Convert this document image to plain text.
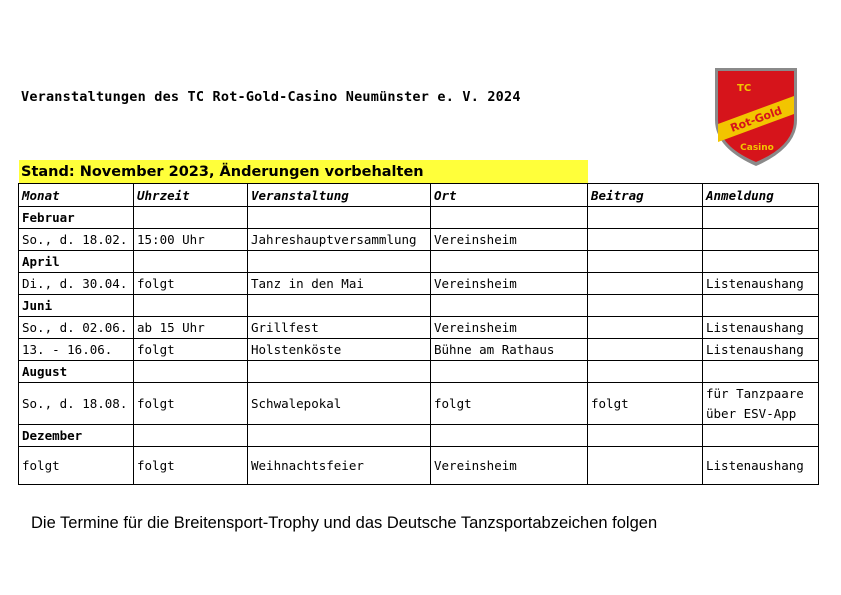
Veranstaltungen des TC Rot-Gold-Casino Neumünster e. V. 2024
TC
Rot-Gold
Casino
Stand: November 2023, Änderungen vorbehalten
Monat	Uhrzeit	Veranstaltung	Ort	Beitrag	Anmeldung
Februar					
So., d. 18.02.	15:00 Uhr	Jahreshauptversammlung	Vereinsheim		
April					
Di., d. 30.04.	folgt	Tanz in den Mai	Vereinsheim		Listenaushang
Juni					
So., d. 02.06.	ab 15 Uhr	Grillfest	Vereinsheim		Listenaushang
13. - 16.06.	folgt	Holstenköste	Bühne am Rathaus		Listenaushang
August					
So., d. 18.08.	folgt	Schwalepokal	folgt	folgt	für Tanzpaare über ESV-App
Dezember					
folgt	folgt	Weihnachtsfeier	Vereinsheim		Listenaushang
Die Termine für die Breitensport-Trophy und das Deutsche Tanzsportabzeichen folgen
